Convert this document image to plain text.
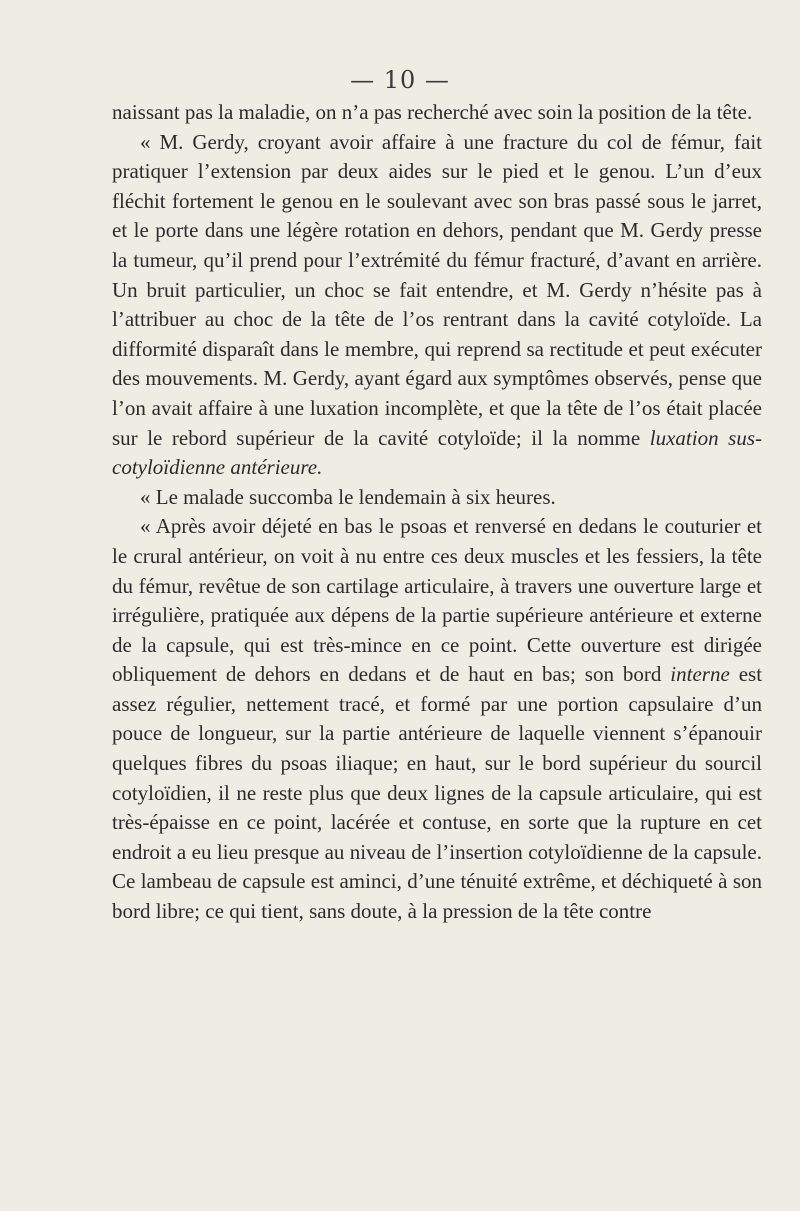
— 10 —

naissant pas la maladie, on n’a pas recherché avec soin la position de la tête.

« M. Gerdy, croyant avoir affaire à une fracture du col de fémur, fait pratiquer l’extension par deux aides sur le pied et le genou. L’un d’eux fléchit fortement le genou en le soulevant avec son bras passé sous le jarret, et le porte dans une légère rotation en dehors, pendant que M. Gerdy presse la tumeur, qu’il prend pour l’extrémité du fémur fracturé, d’avant en arrière. Un bruit particulier, un choc se fait entendre, et M. Gerdy n’hésite pas à l’attribuer au choc de la tête de l’os rentrant dans la cavité cotyloïde. La difformité disparaît dans le membre, qui reprend sa rectitude et peut exécuter des mouvements. M. Gerdy, ayant égard aux symptômes observés, pense que l’on avait affaire à une luxation incomplète, et que la tête de l’os était placée sur le rebord supérieur de la cavité cotyloïde; il la nomme luxation sus-cotyloïdienne antérieure.

« Le malade succomba le lendemain à six heures.

« Après avoir déjeté en bas le psoas et renversé en dedans le couturier et le crural antérieur, on voit à nu entre ces deux muscles et les fessiers, la tête du fémur, revêtue de son cartilage articulaire, à travers une ouverture large et irrégulière, pratiquée aux dépens de la partie supérieure antérieure et externe de la capsule, qui est très-mince en ce point. Cette ouverture est dirigée obliquement de dehors en dedans et de haut en bas; son bord interne est assez régulier, nettement tracé, et formé par une portion capsulaire d’un pouce de longueur, sur la partie antérieure de laquelle viennent s’épanouir quelques fibres du psoas iliaque; en haut, sur le bord supérieur du sourcil cotyloïdien, il ne reste plus que deux lignes de la capsule articulaire, qui est très-épaisse en ce point, lacérée et contuse, en sorte que la rupture en cet endroit a eu lieu presque au niveau de l’insertion cotyloïdienne de la capsule. Ce lambeau de capsule est aminci, d’une ténuité extrême, et déchiqueté à son bord libre; ce qui tient, sans doute, à la pression de la tête contre
